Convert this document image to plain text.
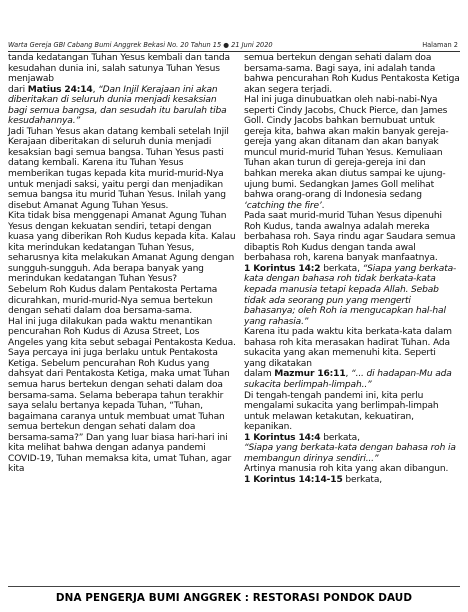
Warta Gereja GBI Cabang Bumi Anggrek Bekasi No. 20 Tahun 15 ● 21 Juni 2020	Halaman 2

tanda kedatangan Tuhan Yesus kembali dan tanda kesudahan dunia ini, salah satunya Tuhan Yesus menjawab
dari Matius 24:14, “Dan Injil Kerajaan ini akan diberitakan di seluruh dunia menjadi kesaksian bagi semua bangsa, dan sesudah itu barulah tiba kesudahannya.”

Jadi Tuhan Yesus akan datang kembali setelah Injil Kerajaan diberitakan di seluruh dunia menjadi kesaksian bagi semua bangsa. Tuhan Yesus pasti datang kembali. Karena itu Tuhan Yesus memberikan tugas kepada kita murid-murid-Nya untuk menjadi saksi, yaitu pergi dan menjadikan semua bangsa itu murid Tuhan Yesus. Inilah yang disebut Amanat Agung Tuhan Yesus.

Kita tidak bisa menggenapi Amanat Agung Tuhan Yesus dengan kekuatan sendiri, tetapi dengan kuasa yang diberikan Roh Kudus kepada kita. Kalau kita merindukan kedatangan Tuhan Yesus, seharusnya kita melakukan Amanat Agung dengan sungguh-sungguh. Ada berapa banyak yang merindukan kedatangan Tuhan Yesus?

Sebelum Roh Kudus dalam Pentakosta Pertama dicurahkan, murid-murid-Nya semua bertekun dengan sehati dalam doa bersama-sama.

Hal ini juga dilakukan pada waktu menantikan pencurahan Roh Kudus di Azusa Street, Los Angeles yang kita sebut sebagai Pentakosta Kedua. Saya percaya ini juga berlaku untuk Pentakosta Ketiga. Sebelum pencurahan Roh Kudus yang dahsyat dari Pentakosta Ketiga, maka umat Tuhan semua harus bertekun dengan sehati dalam doa bersama-sama. Selama beberapa tahun terakhir saya selalu bertanya kepada Tuhan, “Tuhan, bagaimana caranya untuk membuat umat Tuhan semua bertekun dengan sehati dalam doa bersama-sama?” Dan yang luar biasa hari-hari ini kita melihat bahwa dengan adanya pandemi COVID-19, Tuhan memaksa kita, umat Tuhan, agar kita

semua bertekun dengan sehati dalam doa bersama-sama. Bagi saya, ini adalah tanda bahwa pencurahan Roh Kudus Pentakosta Ketiga akan segera terjadi.

Hal ini juga dinubuatkan oleh nabi-nabi-Nya seperti Cindy Jacobs, Chuck Pierce, dan James Goll. Cindy Jacobs bahkan bernubuat untuk gereja kita, bahwa akan makin banyak gereja-gereja yang akan ditanam dan akan banyak muncul murid-murid Tuhan Yesus. Kemuliaan Tuhan akan turun di gereja-gereja ini dan bahkan mereka akan diutus sampai ke ujung-ujung bumi. Sedangkan James Goll melihat bahwa orang-orang di Indonesia sedang ‘catching the fire’.

Pada saat murid-murid Tuhan Yesus dipenuhi Roh Kudus, tanda awalnya adalah mereka berbahasa roh. Saya rindu agar Saudara semua dibaptis Roh Kudus dengan tanda awal berbahasa roh, karena banyak manfaatnya.

1 Korintus 14:2 berkata, “Siapa yang berkata-kata dengan bahasa roh tidak berkata-kata kepada manusia tetapi kepada Allah. Sebab tidak ada seorang pun yang mengerti bahasanya; oleh Roh ia mengucapkan hal-hal yang rahasia.”

Karena itu pada waktu kita berkata-kata dalam bahasa roh kita merasakan hadirat Tuhan. Ada sukacita yang akan memenuhi kita. Seperti yang dikatakan
dalam Mazmur 16:11, “... di hadapan-Mu ada sukacita berlimpah-limpah..”

Di tengah-tengah pandemi ini, kita perlu mengalami sukacita yang berlimpah-limpah untuk melawan ketakutan, kekuatiran, kepanikan.

1 Korintus 14:4 berkata,

“Siapa yang berkata-kata dengan bahasa roh ia membangun dirinya sendiri...”

Artinya manusia roh kita yang akan dibangun.

1 Korintus 14:14-15 berkata,

DNA PENGERJA BUMI ANGGREK : RESTORASI PONDOK DAUD
